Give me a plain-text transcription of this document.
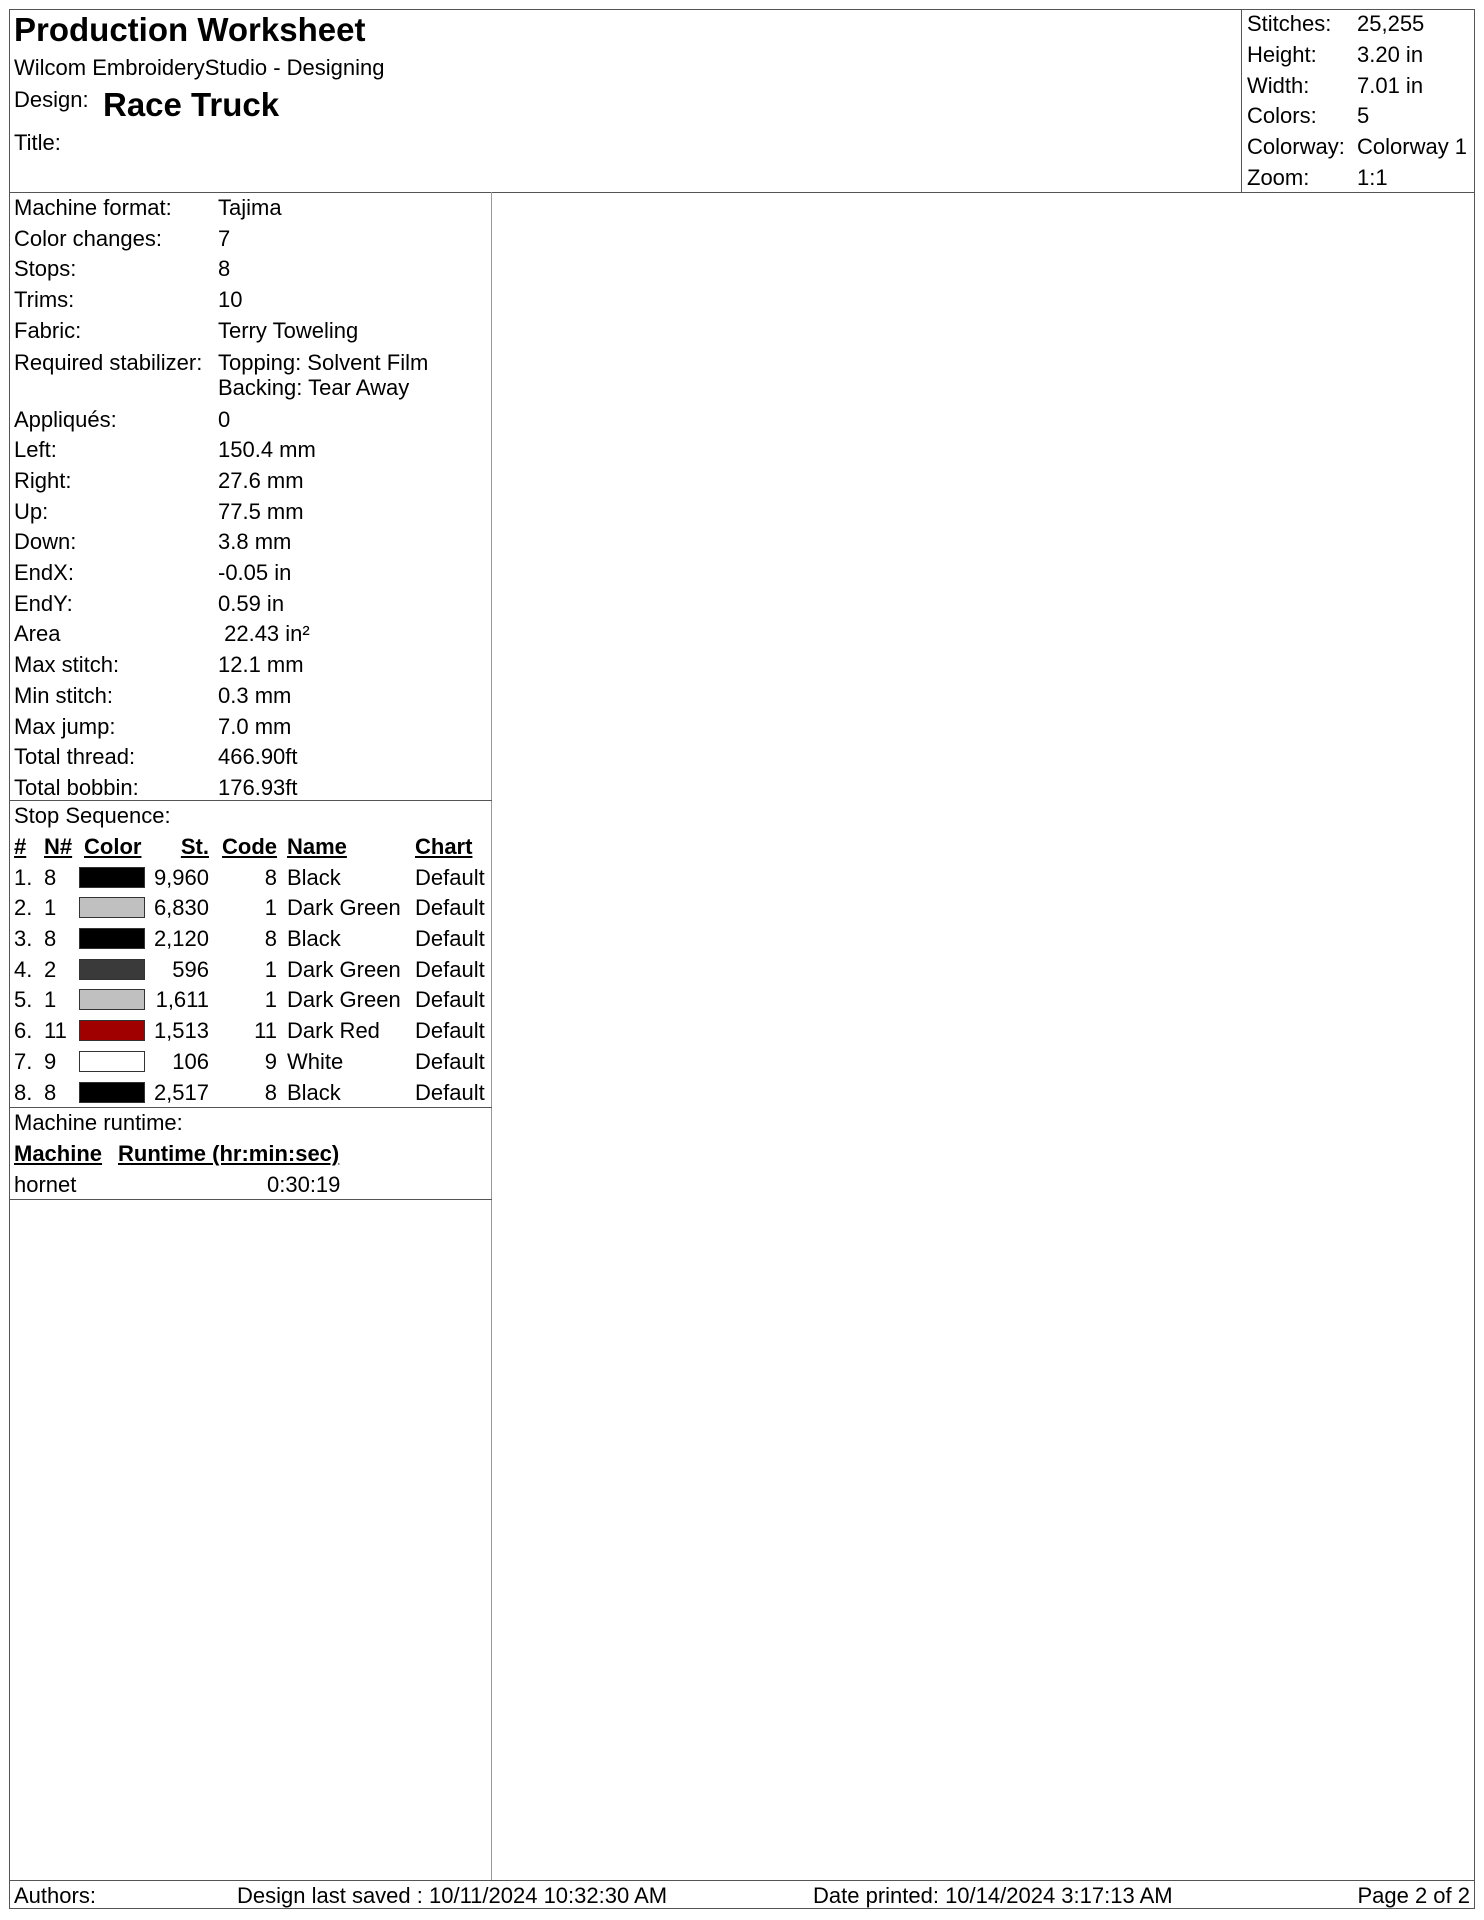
Production Worksheet
Wilcom EmbroideryStudio - Designing
Design: Race Truck
Title:
Stitches:	25,255
Height:	3.20 in
Width:	7.01 in
Colors:	5
Colorway: Colorway 1
Zoom:	1:1
Machine format:	Tajima
Color changes:	7
Stops:	8
Trims:	10
Fabric:	Terry Toweling
Required stabilizer: Topping: Solvent Film
Backing: Tear Away
Appliqués:	0
Left:	150.4 mm
Right:	27.6 mm
Up:	77.5 mm
Down:	3.8 mm
EndX:	-0.05 in
EndY:	0.59 in
Area	22.43 in²
Max stitch:	12.1 mm
Min stitch:	0.3 mm
Max jump:	7.0 mm
Total thread:	466.90ft
Total bobbin:	176.93ft
Stop Sequence:
# N# Color St. Code Name	Chart
1. 8	9,960	8 Black	Default
2. 1	6,830	1 Dark Green Default
3. 8	2,120	8 Black	Default
4. 2	596	1 Dark Green Default
5. 1	1,611	1 Dark Green Default
6. 11	1,513 11 Dark Red Default
7. 9	106	9 White	Default
8. 8	2,517	8 Black	Default
Machine runtime:
Machine Runtime (hr:min:sec)
hornet	0:30:19
Authors:	Design last saved : 10/11/2024 10:32:30 AM	Date printed: 10/14/2024 3:17:13 AM	Page 2 of 2
